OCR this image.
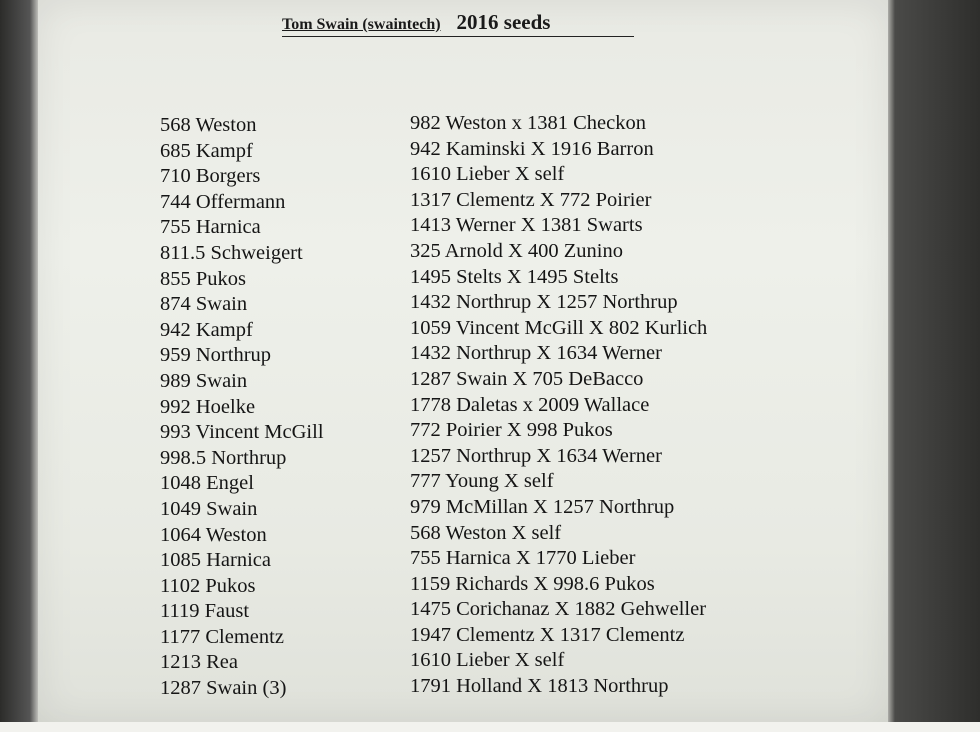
Tom Swain (swaintech) 2016 seeds
568 Weston
685 Kampf
710 Borgers
744 Offermann
755 Harnica
811.5 Schweigert
855 Pukos
874 Swain
942 Kampf
959 Northrup
989 Swain
992 Hoelke
993 Vincent McGill
998.5 Northrup
1048 Engel
1049 Swain
1064 Weston
1085 Harnica
1102 Pukos
1119 Faust
1177 Clementz
1213 Rea
1287 Swain (3)
982 Weston x 1381 Checkon
942 Kaminski X 1916 Barron
1610 Lieber X self
1317 Clementz X 772 Poirier
1413 Werner X 1381 Swarts
325 Arnold X 400 Zunino
1495 Stelts X 1495 Stelts
1432 Northrup X 1257 Northrup
1059 Vincent McGill X 802 Kurlich
1432 Northrup X 1634 Werner
1287 Swain X 705 DeBacco
1778 Daletas x 2009 Wallace
772 Poirier X 998 Pukos
1257 Northrup X 1634 Werner
777 Young X self
979 McMillan X 1257 Northrup
568 Weston X self
755 Harnica X 1770 Lieber
1159 Richards X 998.6 Pukos
1475 Corichanaz X 1882 Gehweller
1947 Clementz X 1317 Clementz
1610 Lieber X self
1791 Holland X 1813 Northrup
